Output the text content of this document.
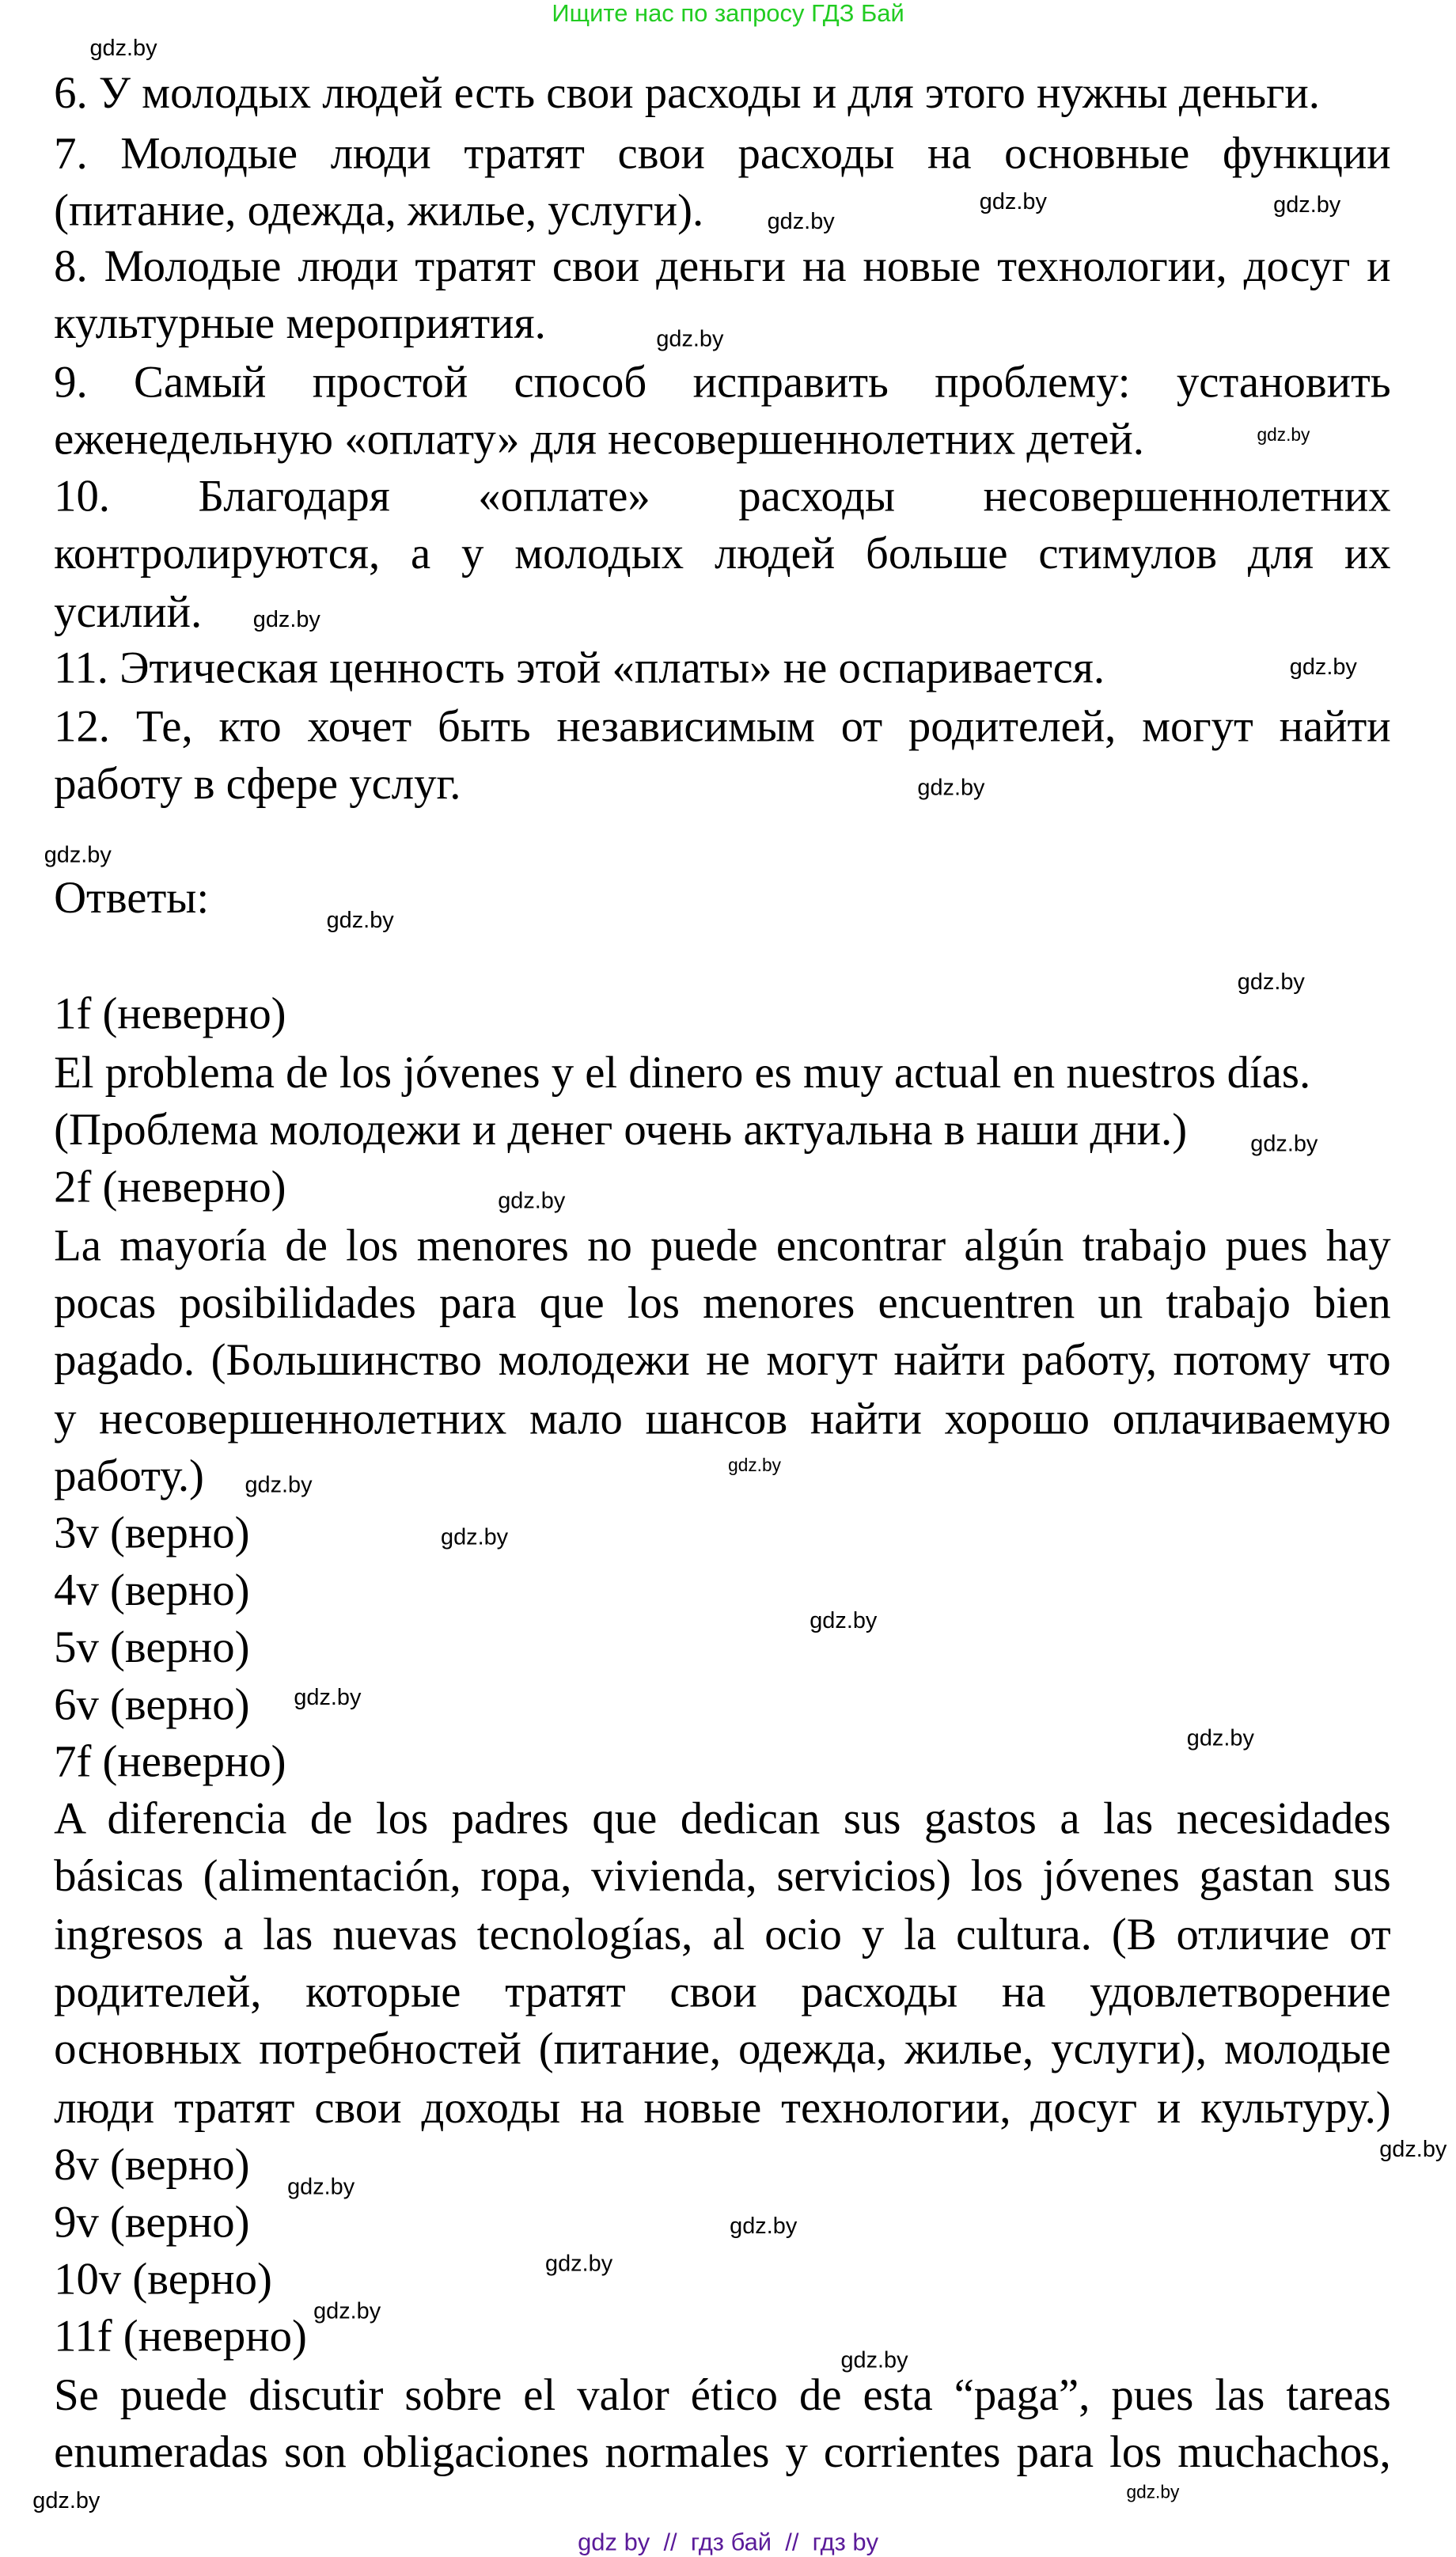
Ищите нас по запросу ГДЗ Бай
6. У молодых людей есть свои расходы и для этого нужны деньги.
7. Молодые люди тратят свои расходы на основные функции
(питание, одежда, жилье, услуги).
8. Молодые люди тратят свои деньги на новые технологии, досуг и
культурные мероприятия.
9. Самый простой способ исправить проблему: установить
еженедельную «оплату» для несовершеннолетних детей.
10. Благодаря «оплате» расходы несовершеннолетних
контролируются, а у молодых людей больше стимулов для их
усилий.
11. Этическая ценность этой «платы» не оспаривается.
12. Те, кто хочет быть независимым от родителей, могут найти
работу в сфере услуг.
Ответы:
1f (неверно)
El problema de los jóvenes y el dinero es muy actual en nuestros días.
(Проблема молодежи и денег очень актуальна в наши дни.)
2f (неверно)
La mayoría de los menores no puede encontrar algún trabajo pues hay
pocas posibilidades para que los menores encuentren un trabajo bien
pagado. (Большинство молодежи не могут найти работу, потому что
у несовершеннолетних мало шансов найти хорошо оплачиваемую
работу.)
3v (верно)
4v (верно)
5v (верно)
6v (верно)
7f (неверно)
A diferencia de los padres que dedican sus gastos a las necesidades
básicas (alimentación, ropa, vivienda, servicios) los jóvenes gastan sus
ingresos a las nuevas tecnologías, al ocio y la cultura. (В отличие от
родителей, которые тратят свои расходы на удовлетворение
основных потребностей (питание, одежда, жилье, услуги), молодые
люди тратят свои доходы на новые технологии, досуг и культуру.)
8v (верно)
9v (верно)
10v (верно)
11f (неверно)
Se puede discutir sobre el valor ético de esta “paga”, pues las tareas
enumeradas son obligaciones normales y corrientes para los muchachos,
gdz.by
gdz.by
gdz.by	gdz.by
gdz.by
gdz.by
gdz.by
gdz.by
gdz.by
gdz.by
gdz.by
gdz.by
gdz.by
gdz.by
gdz.by
gdz.by
gdz.by
gdz.by
gdz.by
gdz.by
gdz.by
gdz.by
gdz.by
gdz.by
gdz.by
gdz.by
gdz.by
gdz.by
gdz by  //  гдз бай  //  гдз by
